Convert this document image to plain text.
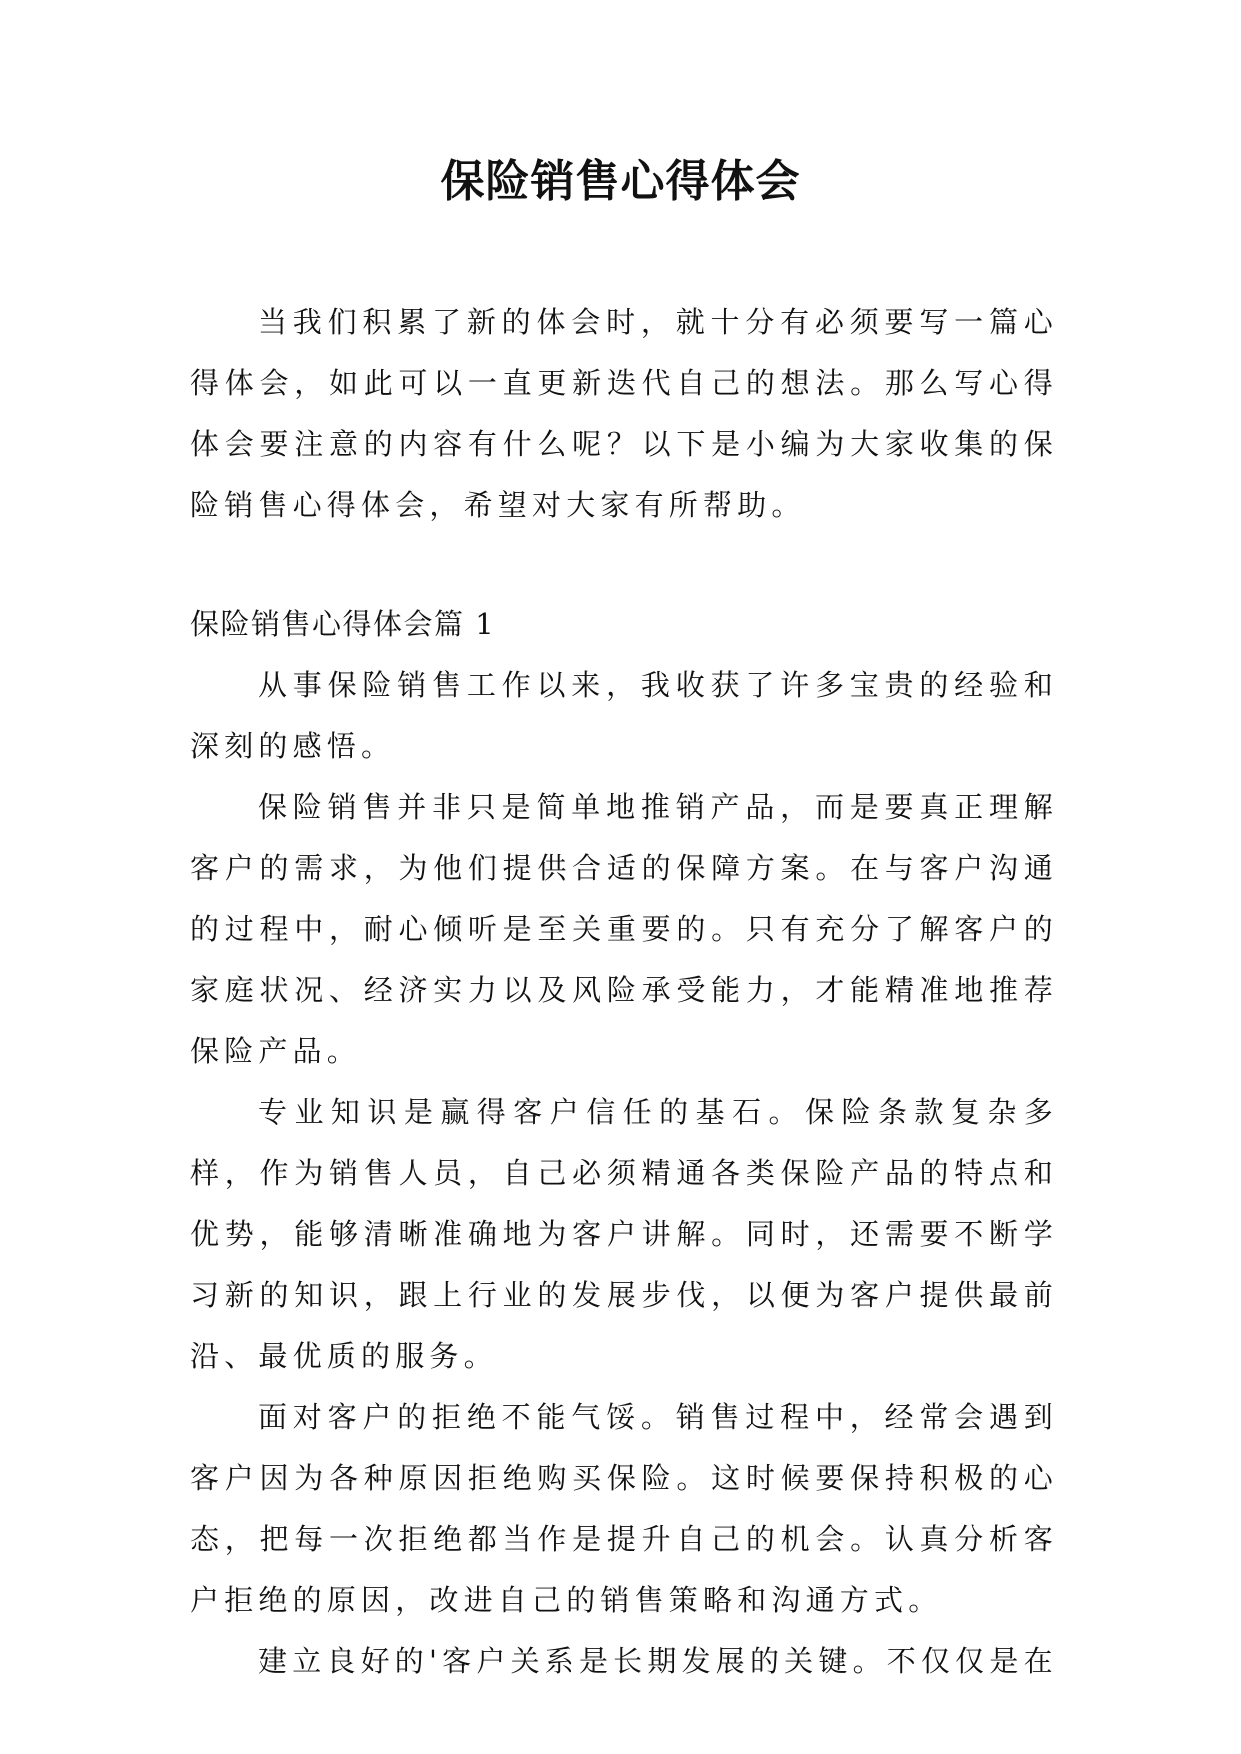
保险销售心得体会

当我们积累了新的体会时，就十分有必须要写一篇心得体会，如此可以一直更新迭代自己的想法。那么写心得体会要注意的内容有什么呢？以下是小编为大家收集的保险销售心得体会，希望对大家有所帮助。

保险销售心得体会篇 1

从事保险销售工作以来，我收获了许多宝贵的经验和深刻的感悟。

保险销售并非只是简单地推销产品，而是要真正理解客户的需求，为他们提供合适的保障方案。在与客户沟通的过程中，耐心倾听是至关重要的。只有充分了解客户的家庭状况、经济实力以及风险承受能力，才能精准地推荐保险产品。

专业知识是赢得客户信任的基石。保险条款复杂多样，作为销售人员，自己必须精通各类保险产品的特点和优势，能够清晰准确地为客户讲解。同时，还需要不断学习新的知识，跟上行业的发展步伐，以便为客户提供最前沿、最优质的服务。

面对客户的拒绝不能气馁。销售过程中，经常会遇到客户因为各种原因拒绝购买保险。这时候要保持积极的心态，把每一次拒绝都当作是提升自己的机会。认真分析客户拒绝的原因，改进自己的销售策略和沟通方式。

建立良好的'客户关系是长期发展的关键。不仅仅是在
